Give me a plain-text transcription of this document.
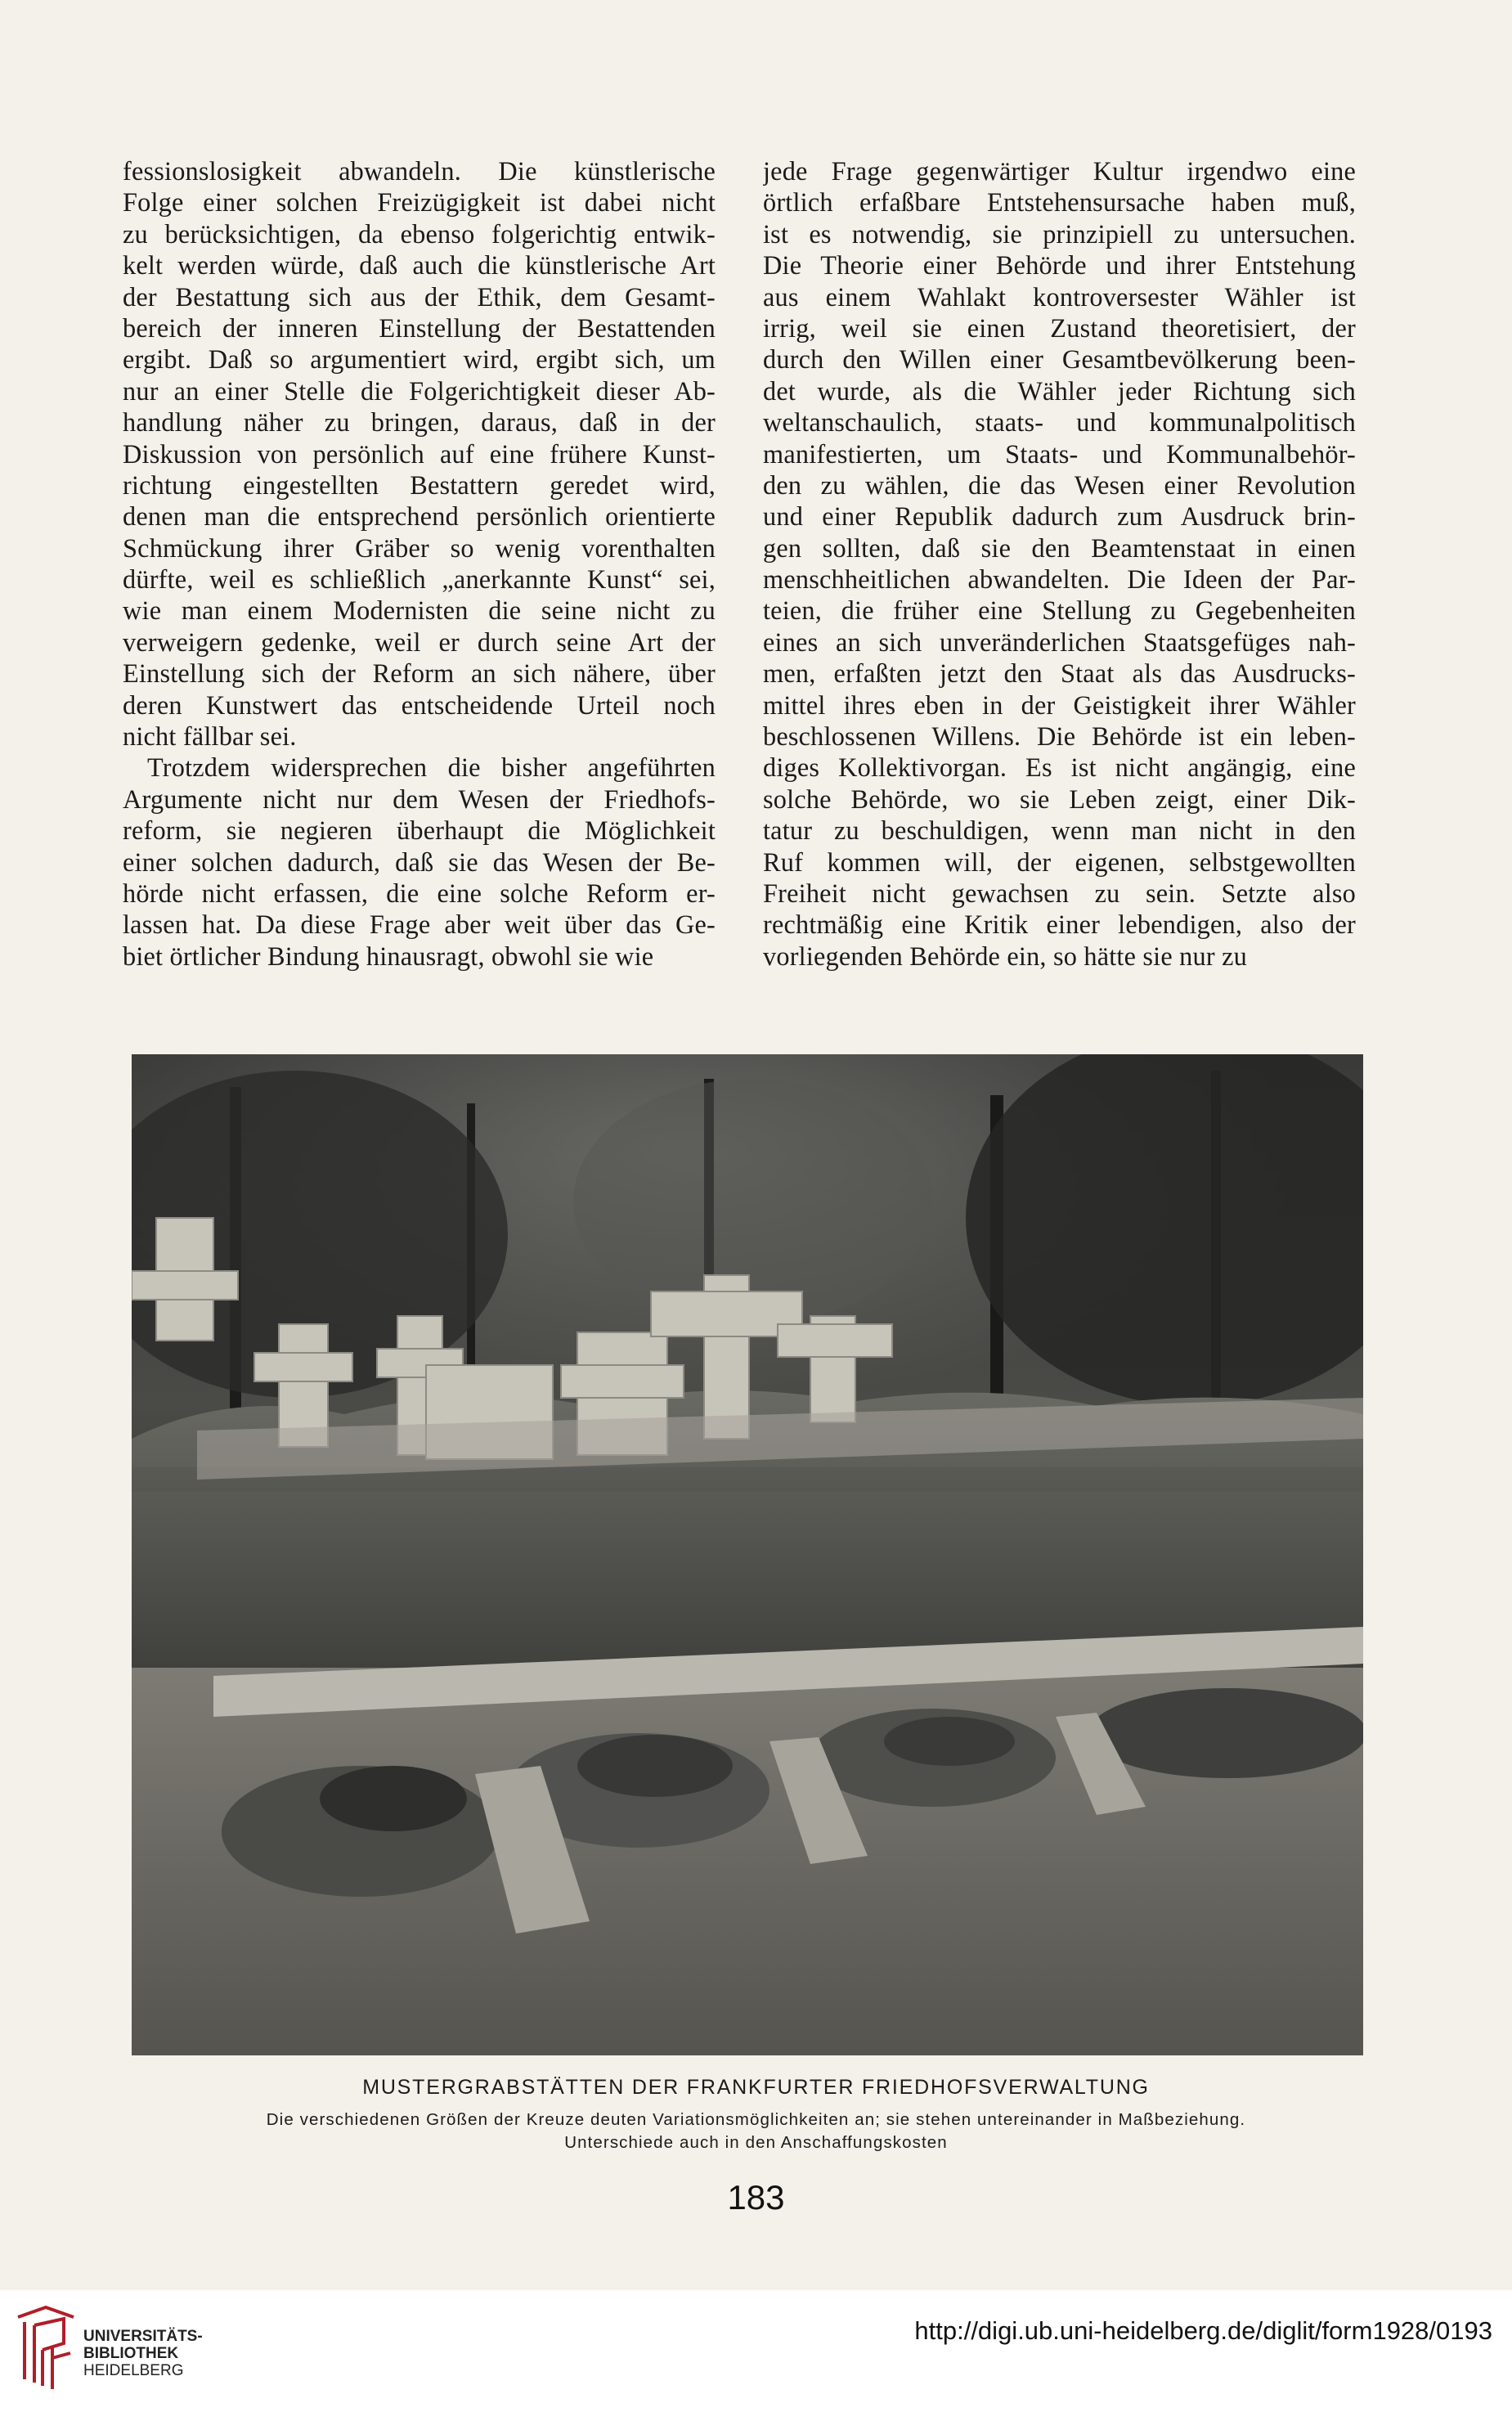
fessionslosigkeit abwandeln. Die künstlerische
Folge einer solchen Freizügigkeit ist dabei nicht
zu berücksichtigen, da ebenso folgerichtig entwik-
kelt werden würde, daß auch die künstlerische Art
der Bestattung sich aus der Ethik, dem Gesamt-
bereich der inneren Einstellung der Bestattenden
ergibt. Daß so argumentiert wird, ergibt sich, um
nur an einer Stelle die Folgerichtigkeit dieser Ab-
handlung näher zu bringen, daraus, daß in der
Diskussion von persönlich auf eine frühere Kunst-
richtung eingestellten Bestattern geredet wird,
denen man die entsprechend persönlich orientierte
Schmückung ihrer Gräber so wenig vorenthalten
dürfte, weil es schließlich „anerkannte Kunst“ sei,
wie man einem Modernisten die seine nicht zu
verweigern gedenke, weil er durch seine Art der
Einstellung sich der Reform an sich nähere, über
deren Kunstwert das entscheidende Urteil noch
nicht fällbar sei.
Trotzdem widersprechen die bisher angeführten
Argumente nicht nur dem Wesen der Friedhofs-
reform, sie negieren überhaupt die Möglichkeit
einer solchen dadurch, daß sie das Wesen der Be-
hörde nicht erfassen, die eine solche Reform er-
lassen hat. Da diese Frage aber weit über das Ge-
biet örtlicher Bindung hinausragt, obwohl sie wie
jede Frage gegenwärtiger Kultur irgendwo eine
örtlich erfaßbare Entstehensursache haben muß,
ist es notwendig, sie prinzipiell zu untersuchen.
Die Theorie einer Behörde und ihrer Entstehung
aus einem Wahlakt kontroversester Wähler ist
irrig, weil sie einen Zustand theoretisiert, der
durch den Willen einer Gesamtbevölkerung been-
det wurde, als die Wähler jeder Richtung sich
weltanschaulich, staats- und kommunalpolitisch
manifestierten, um Staats- und Kommunalbehör-
den zu wählen, die das Wesen einer Revolution
und einer Republik dadurch zum Ausdruck brin-
gen sollten, daß sie den Beamtenstaat in einen
menschheitlichen abwandelten. Die Ideen der Par-
teien, die früher eine Stellung zu Gegebenheiten
eines an sich unveränderlichen Staatsgefüges nah-
men, erfaßten jetzt den Staat als das Ausdrucks-
mittel ihres eben in der Geistigkeit ihrer Wähler
beschlossenen Willens. Die Behörde ist ein leben-
diges Kollektivorgan. Es ist nicht angängig, eine
solche Behörde, wo sie Leben zeigt, einer Dik-
tatur zu beschuldigen, wenn man nicht in den
Ruf kommen will, der eigenen, selbstgewollten
Freiheit nicht gewachsen zu sein. Setzte also
rechtmäßig eine Kritik einer lebendigen, also der
vorliegenden Behörde ein, so hätte sie nur zu
MUSTERGRABSTÄTTEN DER FRANKFURTER FRIEDHOFSVERWALTUNG
Die verschiedenen Größen der Kreuze deuten Variationsmöglichkeiten an; sie stehen untereinander in Maßbeziehung.
Unterschiede auch in den Anschaffungskosten
183
UNIVERSITÄTS-
BIBLIOTHEK
HEIDELBERG
http://digi.ub.uni-heidelberg.de/diglit/form1928/0193
